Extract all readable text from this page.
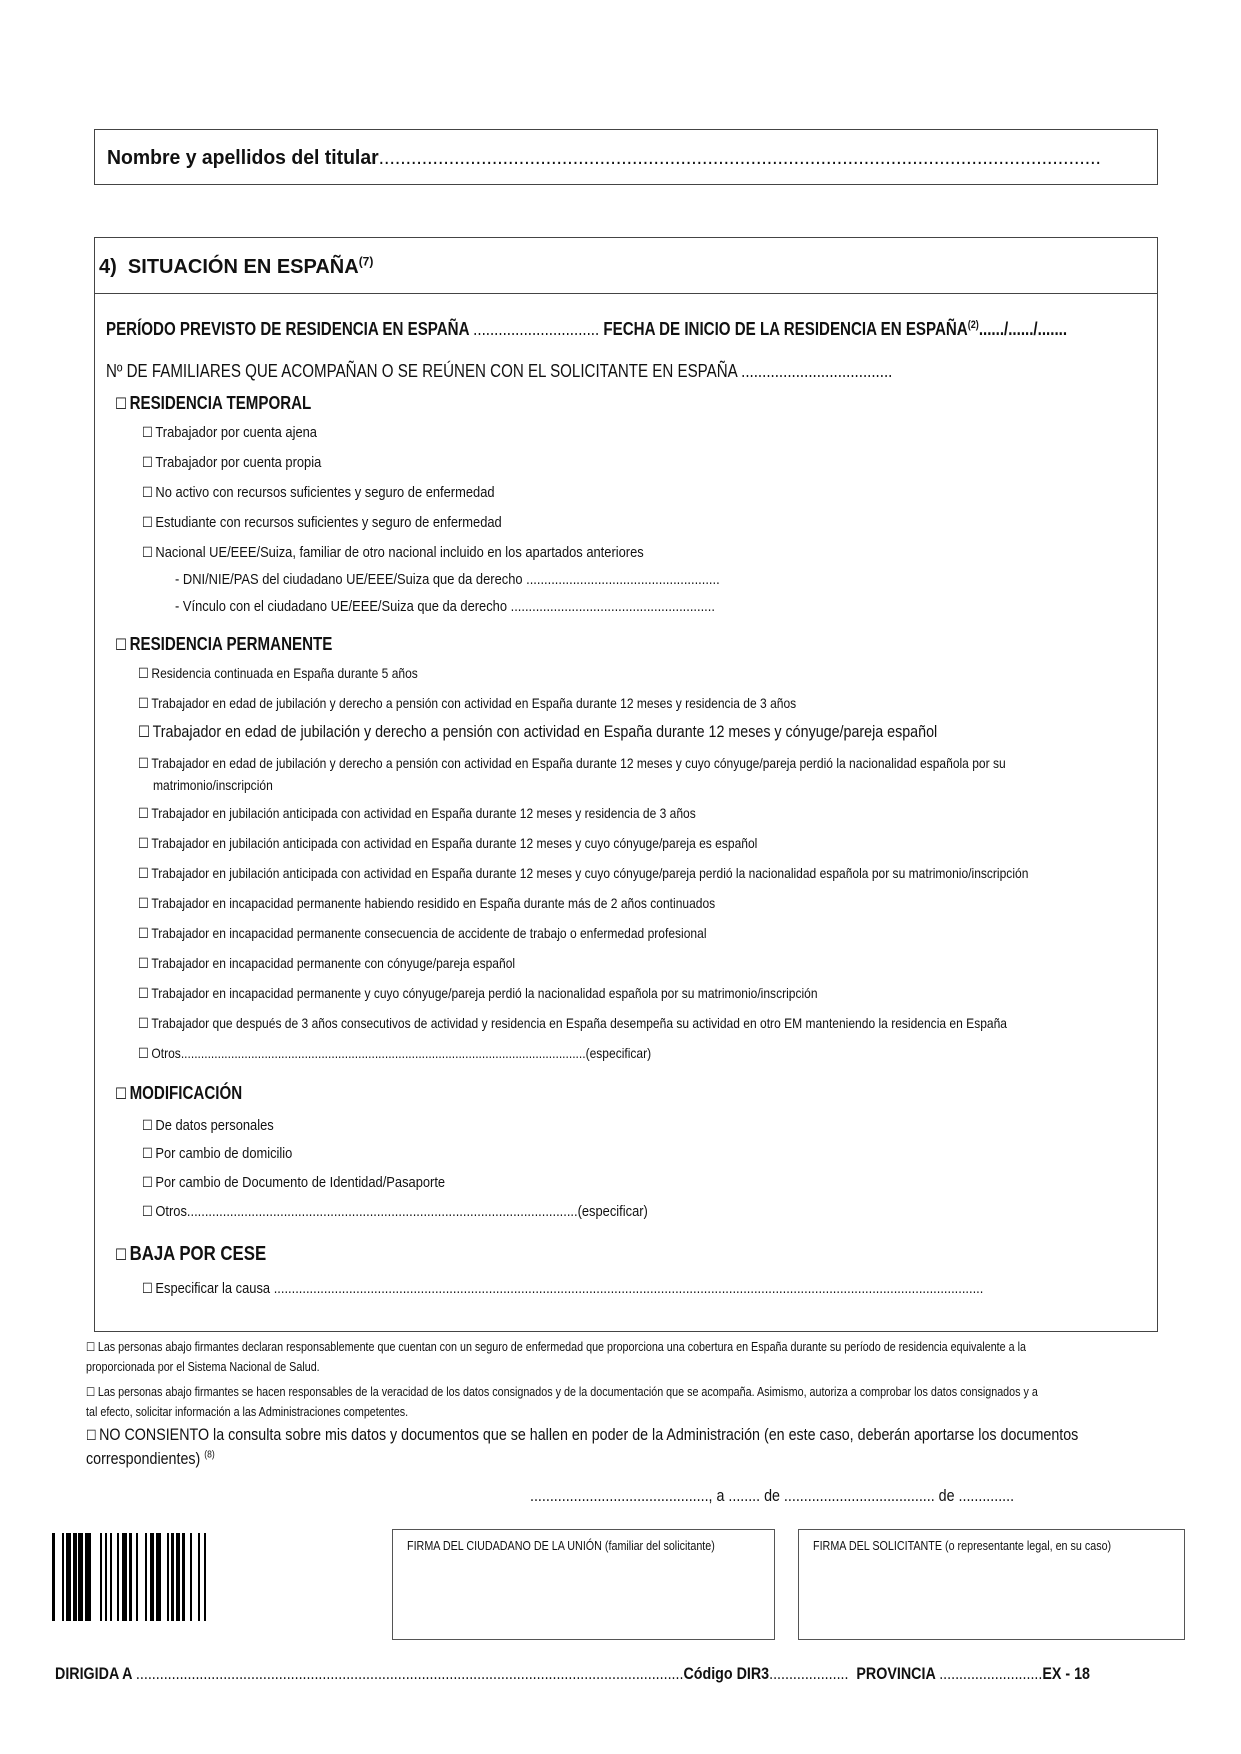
Nombre y apellidos del titular......................................................................................................................................
4) SITUACIÓN EN ESPAÑA$^{(7)}$
PERÍODO PREVISTO DE RESIDENCIA EN ESPAÑA .............................. FECHA DE INICIO DE LA RESIDENCIA EN ESPAÑA$^{(2)}$....../....../.......
Nº DE FAMILIARES QUE ACOMPAÑAN O SE REÚNEN CON EL SOLICITANTE EN ESPAÑA ....................................
☐ RESIDENCIA TEMPORAL
☐ Trabajador por cuenta ajena
☐ Trabajador por cuenta propia
☐ No activo con recursos suficientes y seguro de enfermedad
☐ Estudiante con recursos suficientes y seguro de enfermedad
☐ Nacional UE/EEE/Suiza, familiar de otro nacional incluido en los apartados anteriores
- DNI/NIE/PAS del ciudadano UE/EEE/Suiza que da derecho ......................................................
- Vínculo con el ciudadano UE/EEE/Suiza que da derecho .........................................................
☐ RESIDENCIA PERMANENTE
☐ Residencia continuada en España durante 5 años
☐ Trabajador en edad de jubilación y derecho a pensión con actividad en España durante 12 meses y residencia de 3 años
☐ Trabajador en edad de jubilación y derecho a pensión con actividad en España durante 12 meses y cónyuge/pareja español
☐ Trabajador en edad de jubilación y derecho a pensión con actividad en España durante 12 meses y cuyo cónyuge/pareja perdió la nacionalidad española por su
matrimonio/inscripción
☐ Trabajador en jubilación anticipada con actividad en España durante 12 meses y residencia de 3 años
☐ Trabajador en jubilación anticipada con actividad en España durante 12 meses y cuyo cónyuge/pareja es español
☐ Trabajador en jubilación anticipada con actividad en España durante 12 meses y cuyo cónyuge/pareja perdió la nacionalidad española por su matrimonio/inscripción
☐ Trabajador en incapacidad permanente habiendo residido en España durante más de 2 años continuados
☐ Trabajador en incapacidad permanente consecuencia de accidente de trabajo o enfermedad profesional
☐ Trabajador en incapacidad permanente con cónyuge/pareja español
☐ Trabajador en incapacidad permanente y cuyo cónyuge/pareja perdió la nacionalidad española por su matrimonio/inscripción
☐ Trabajador que después de 3 años consecutivos de actividad y residencia en España desempeña su actividad en otro EM manteniendo la residencia en España
☐ Otros.........................................................................................................................(especificar)
☐ MODIFICACIÓN
☐ De datos personales
☐ Por cambio de domicilio
☐ Por cambio de Documento de Identidad/Pasaporte
☐ Otros.............................................................................................................(especificar)
☐ BAJA POR CESE
☐ Especificar la causa ......................................................................................................................................................................................................
☐ Las personas abajo firmantes declaran responsablemente que cuentan con un seguro de enfermedad que proporciona una cobertura en España durante su período de residencia equivalente a la
proporcionada por el Sistema Nacional de Salud.
☐ Las personas abajo firmantes se hacen responsables de la veracidad de los datos consignados y de la documentación que se acompaña. Asimismo, autoriza a comprobar los datos consignados y a
tal efecto, solicitar información a las Administraciones competentes.
☐ NO CONSIENTO la consulta sobre mis datos y documentos que se hallen en poder de la Administración (en este caso, deberán aportarse los documentos
correspondientes) $^{(8)}$
............................................., a ........ de ...................................... de ..............
FIRMA DEL CIUDADANO DE LA UNIÓN (familiar del solicitante)	FIRMA DEL SOLICITANTE (o representante legal, en su caso)
DIRIGIDA A ..........................................................................................................................................Código DIR3.................... PROVINCIA ..........................EX - 18
